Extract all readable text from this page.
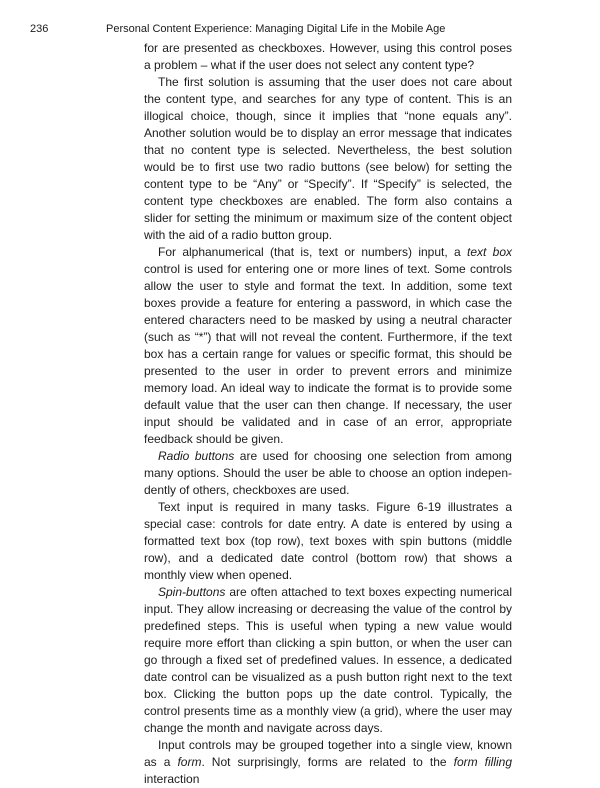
236	Personal Content Experience: Managing Digital Life in the Mobile Age

for are presented as checkboxes. However, using this control poses a problem – what if the user does not select any content type?

The first solution is assuming that the user does not care about the content type, and searches for any type of content. This is an illogical choice, though, since it implies that “none equals any”. Another solution would be to display an error message that indicates that no content type is selected. Nevertheless, the best solution would be to first use two radio buttons (see below) for setting the content type to be “Any” or “Specify”. If “Specify” is selected, the content type checkboxes are enabled. The form also contains a slider for setting the minimum or maximum size of the content object with the aid of a radio button group.

For alphanumerical (that is, text or numbers) input, a text box control is used for entering one or more lines of text. Some controls allow the user to style and format the text. In addition, some text boxes provide a feature for entering a password, in which case the entered characters need to be masked by using a neutral character (such as “*”) that will not reveal the content. Furthermore, if the text box has a certain range for values or specific format, this should be presented to the user in order to prevent errors and minimize memory load. An ideal way to indicate the format is to provide some default value that the user can then change. If necessary, the user input should be validated and in case of an error, appropriate feedback should be given.

Radio buttons are used for choosing one selection from among many options. Should the user be able to choose an option independently of others, checkboxes are used.

Text input is required in many tasks. Figure 6-19 illustrates a special case: controls for date entry. A date is entered by using a formatted text box (top row), text boxes with spin buttons (middle row), and a dedicated date control (bottom row) that shows a monthly view when opened.

Spin-buttons are often attached to text boxes expecting numerical input. They allow increasing or decreasing the value of the control by predefined steps. This is useful when typing a new value would require more effort than clicking a spin button, or when the user can go through a fixed set of predefined values. In essence, a dedicated date control can be visualized as a push button right next to the text box. Clicking the button pops up the date control. Typically, the control presents time as a monthly view (a grid), where the user may change the month and navigate across days.

Input controls may be grouped together into a single view, known as a form. Not surprisingly, forms are related to the form filling interaction
